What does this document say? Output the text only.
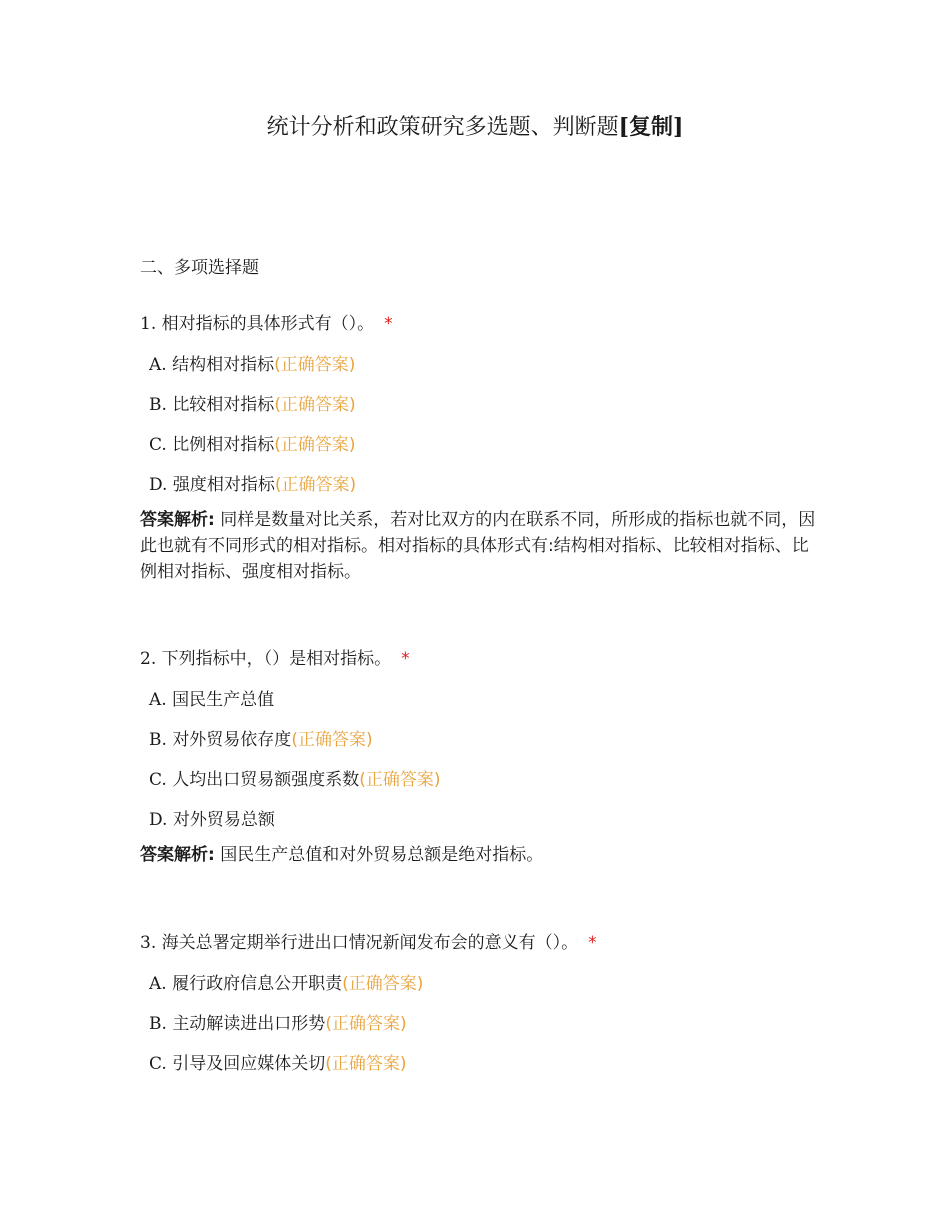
统计分析和政策研究多选题、判断题[复制]
二、多项选择题
1. 相对指标的具体形式有（）。 *
A. 结构相对指标(正确答案)
B. 比较相对指标(正确答案)
C. 比例相对指标(正确答案)
D. 强度相对指标(正确答案)
答案解析: 同样是数量对比关系，若对比双方的内在联系不同，所形成的指标也就不同，因此也就有不同形式的相对指标。相对指标的具体形式有:结构相对指标、比较相对指标、比例相对指标、强度相对指标。
2. 下列指标中，（）是相对指标。 *
A. 国民生产总值
B. 对外贸易依存度(正确答案)
C. 人均出口贸易额强度系数(正确答案)
D. 对外贸易总额
答案解析: 国民生产总值和对外贸易总额是绝对指标。
3. 海关总署定期举行进出口情况新闻发布会的意义有（）。 *
A. 履行政府信息公开职责(正确答案)
B. 主动解读进出口形势(正确答案)
C. 引导及回应媒体关切(正确答案)
